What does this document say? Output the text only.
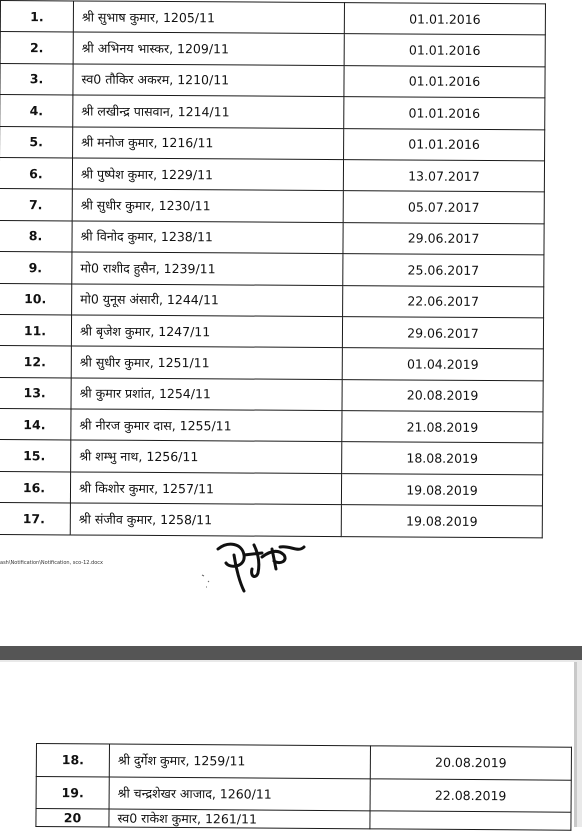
1.	श्री सुभाष कुमार, 1205/11	01.01.2016
2.	श्री अभिनय भास्कर, 1209/11	01.01.2016
3.	स्व0 तौकिर अकरम, 1210/11	01.01.2016
4.	श्री लखीन्द्र पासवान, 1214/11	01.01.2016
5.	श्री मनोज कुमार, 1216/11	01.01.2016
6.	श्री पुष्पेश कुमार, 1229/11	13.07.2017
7.	श्री सुधीर कुमार, 1230/11	05.07.2017
8.	श्री विनोद कुमार, 1238/11	29.06.2017
9.	मो0 राशीद हुसैन, 1239/11	25.06.2017
10.	मो0 युनूस अंसारी, 1244/11	22.06.2017
11.	श्री बृजेश कुमार, 1247/11	29.06.2017
12.	श्री सुधीर कुमार, 1251/11	01.04.2019
13.	श्री कुमार प्रशांत, 1254/11	20.08.2019
14.	श्री नीरज कुमार दास, 1255/11	21.08.2019
15.	श्री शम्भु नाथ, 1256/11	18.08.2019
16.	श्री किशोर कुमार, 1257/11	19.08.2019
17.	श्री संजीव कुमार, 1258/11	19.08.2019
ash\Notification\Notification, sco-12.docx
18.	श्री दुर्गेश कुमार, 1259/11	20.08.2019
19.	श्री चन्द्रशेखर आजाद, 1260/11	22.08.2019
20	स्व0 राकेश कुमार, 1261/11	
